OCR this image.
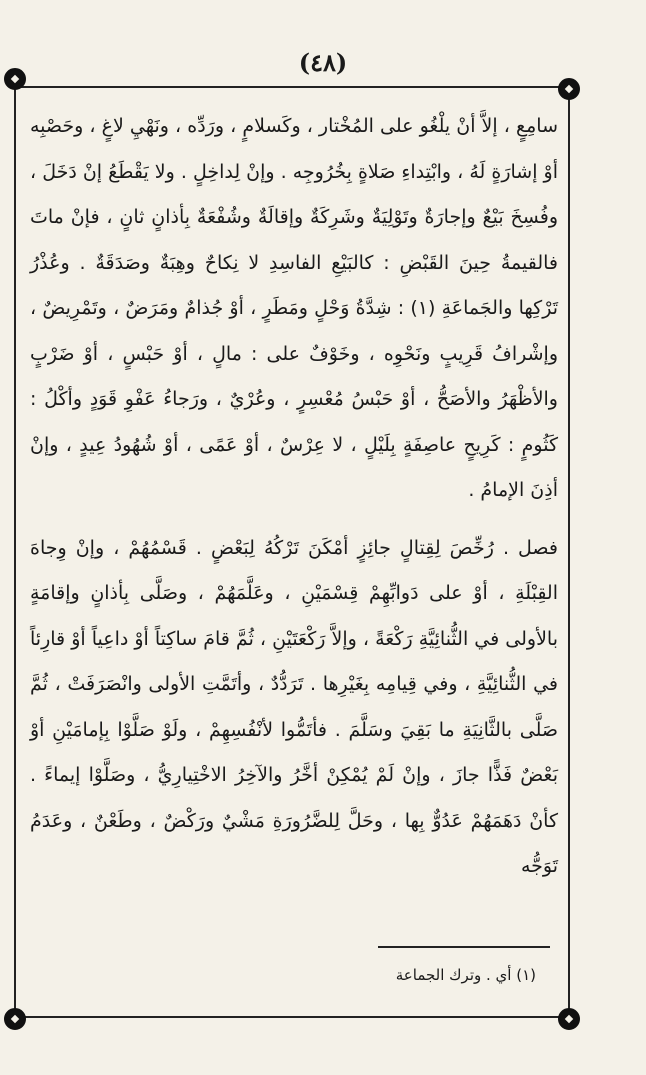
(٤٨)

سامِعٍ ، إلاَّ أنْ يلْغُو على المُخْتار ، وكَسلامٍ ، ورَدِّه ، ونَهْيِ لاغٍ ، وحَصْبِه أوْ إشارَةٍ لَهُ ، وابْتِداءِ صَلاةٍ بِخُرُوجِه . وإنْ لِداخِلٍ . ولا يَقْطَعُ إنْ دَخَلَ ، وفُسِخَ بَيْعٌ وإجارَةٌ وتَوْلِيَةٌ وشَرِكَةٌ وإقالَةٌ وشُفْعَةٌ بِأذانٍ ثانٍ ، فإنْ ماتَ فالقيمةُ حِينَ القَبْضِ : كالبَيْعِ الفاسِدِ لا نِكاحٌ وهِبَةٌ وصَدَقَةٌ . وعُذْرُ تَرْكِها والجَماعَةِ (١) : شِدَّةُ وَحْلٍ ومَطَرٍ ، أوْ جُذامٌ ومَرَضٌ ، وتَمْرِيضٌ ، وإشْرافُ قَرِيبٍ ونَحْوِه ، وخَوْفٌ على : مالٍ ، أوْ حَبْسٍ ، أوْ ضَرْبٍ والأظْهَرُ والأصَحُّ ، أوْ حَبْسُ مُعْسِرٍ ، وعُرْيٌ ، ورَجاءُ عَفْوِ قَوَدٍ وأكْلُ : كَثُومٍ : كَرِيحٍ عاصِفَةٍ بِلَيْلٍ ، لا عِرْسٌ ، أوْ عَمًى ، أوْ شُهُودُ عِيدٍ ، وإنْ أذِنَ الإمامُ .

فصل . رُخِّصَ لِقِتالٍ جائِزٍ أمْكَنَ تَرْكُهُ لِبَعْضٍ . قَسْمُهُمْ ، وإنْ وِجاهَ القِبْلَةِ ، أوْ على دَوابِّهِمْ قِسْمَيْنِ ، وعَلَّمَهُمْ ، وصَلَّى بِأذانٍ وإقامَةٍ بالأولى في الثُّنائِيَّةِ رَكْعَةً ، وإلاَّ رَكْعَتَيْنِ ، ثُمَّ قامَ ساكِتاً أوْ داعِياً أوْ قارِئاً في الثُّنائِيَّةِ ، وفي قِيامِه بِغَيْرِها . تَرَدُّدٌ ، وأتَمَّتِ الأولى وانْصَرَفَتْ ، ثُمَّ صَلَّى بالثَّانِيَةِ ما بَقِيَ وسَلَّمَ . فأتَمُّوا لأنْفُسِهِمْ ، ولَوْ صَلَّوْا بِإمامَيْنِ أوْ بَعْضٌ فَذًّا جازَ ، وإنْ لَمْ يُمْكِنْ أخَّرُ والآخِرُ الاخْتِيارِيُّ ، وصَلَّوْا إيماءً . كأنْ دَهَمَهُمْ عَدُوٌّ بِها ، وحَلَّ لِلضَّرُورَةِ مَشْيٌ ورَكْضٌ ، وطَعْنٌ ، وعَدَمُ تَوَجُّه

(١) أي . وترك الجماعة
